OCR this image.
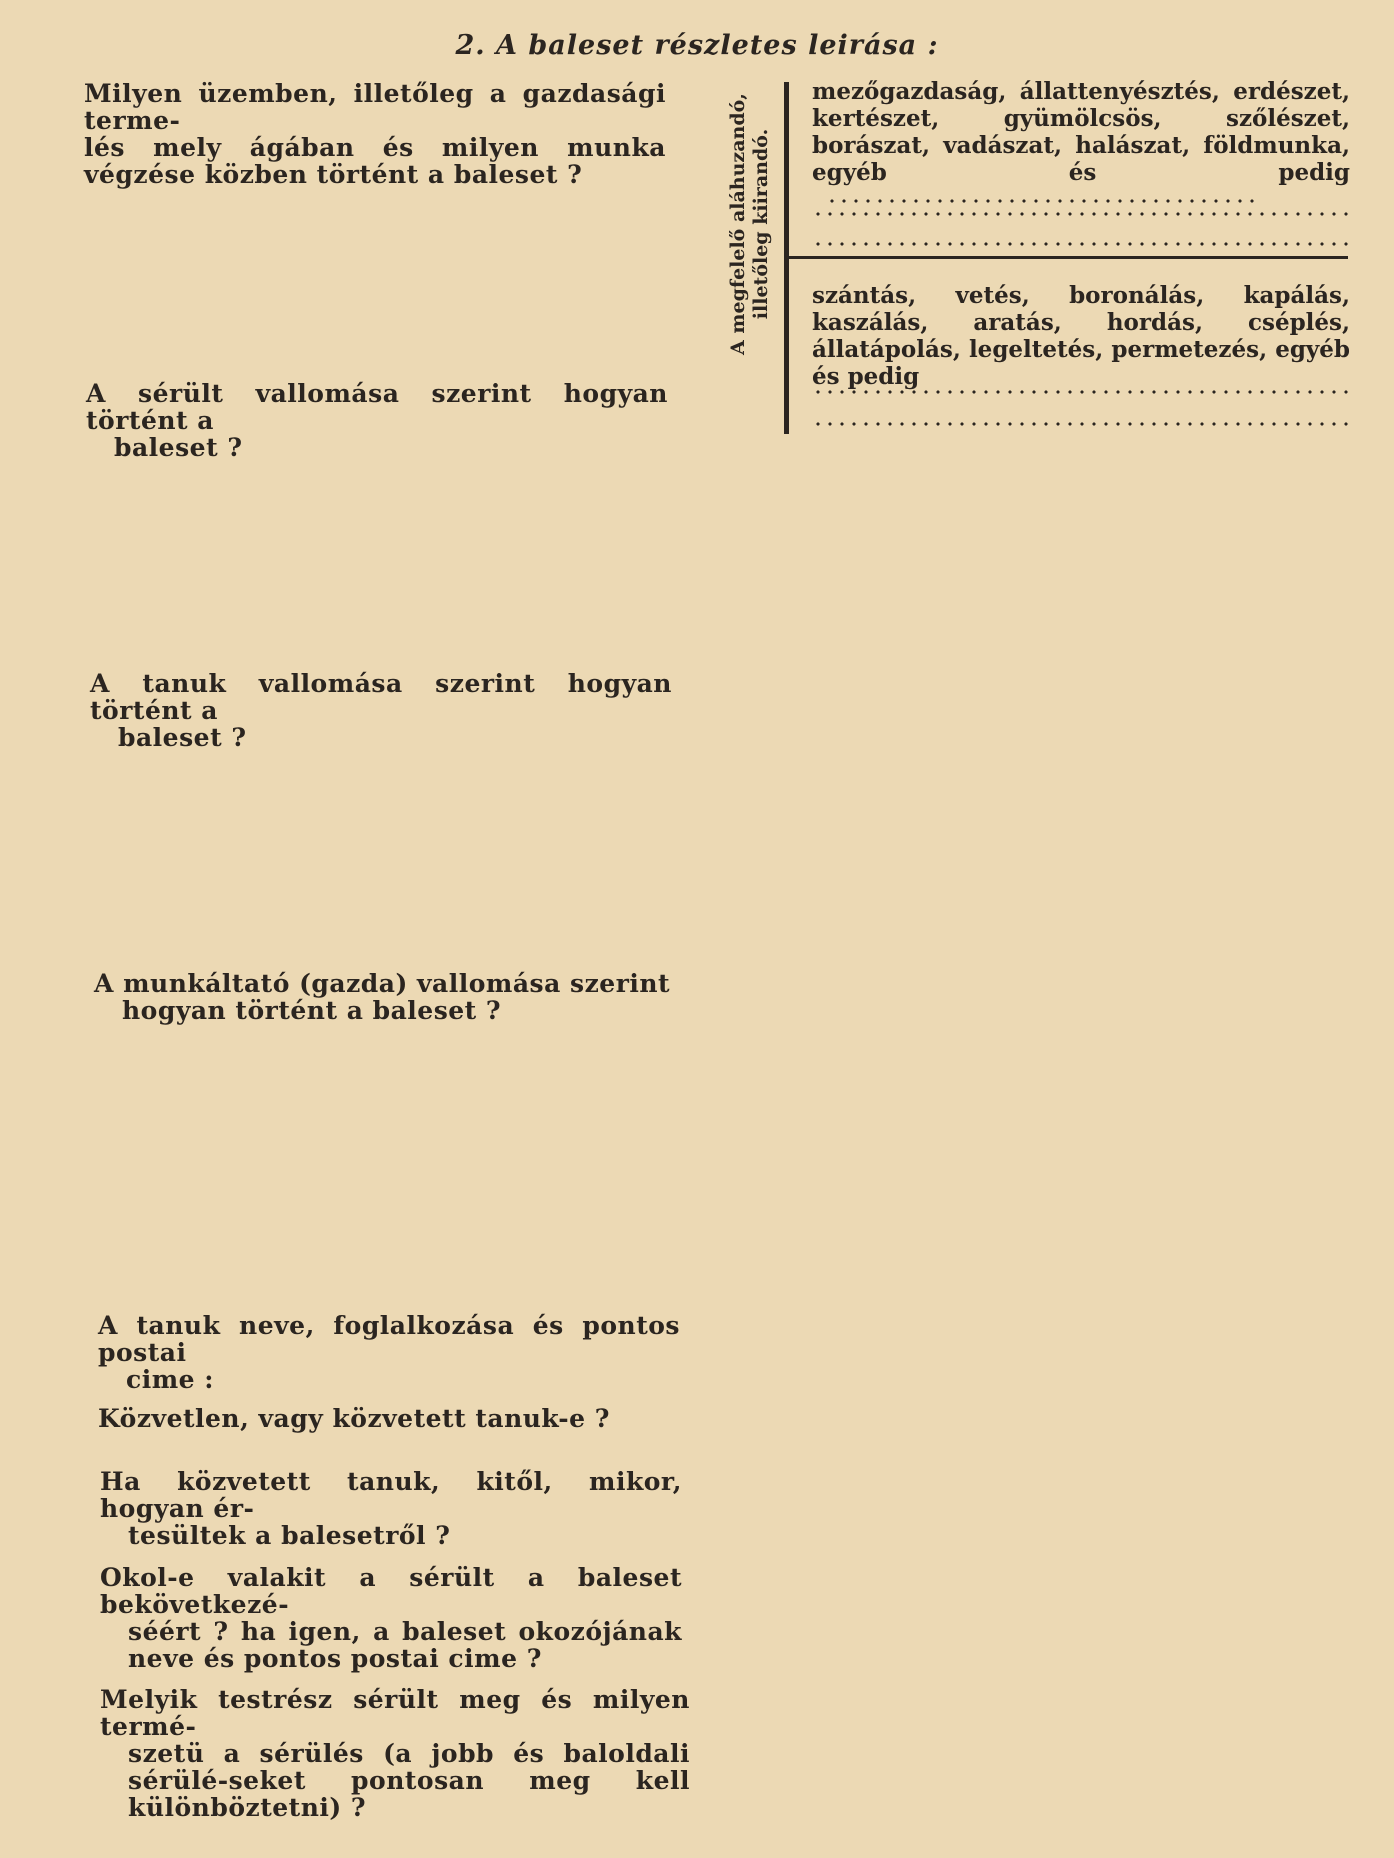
2. A baleset részletes leirása :
Milyen üzemben, illetőleg a gazdasági terme-
lés mely ágában és milyen munka végzése közben történt a baleset ?
A sérült vallomása szerint hogyan történt a
baleset ?
A tanuk vallomása szerint hogyan történt a
baleset ?
A munkáltató (gazda) vallomása szerint
hogyan történt a baleset ?
A tanuk neve, foglalkozása és pontos postai
cime :
Közvetlen, vagy közvetett tanuk-e ?
Ha közvetett tanuk, kitől, mikor, hogyan ér-
tesültek a balesetről ?
Okol-e valakit a sérült a baleset bekövetkezé-
séért ? ha igen, a baleset okozójának neve és pontos postai cime ?
Melyik testrész sérült meg és milyen termé-
szetü a sérülés (a jobb és baloldali sérülé-seket pontosan meg kell különböztetni) ?
A megfelelő aláhuzandó,
illetőleg kiirandó.
mezőgazdaság, állattenyésztés, erdészet, kertészet, gyümölcsös, szőlészet, borászat, vadászat, halászat, földmunka, egyéb és pedig
szántás, vetés, boronálás, kapálás, kaszálás, aratás, hordás, cséplés, állatápolás, legeltetés, permetezés, egyéb és pedig
